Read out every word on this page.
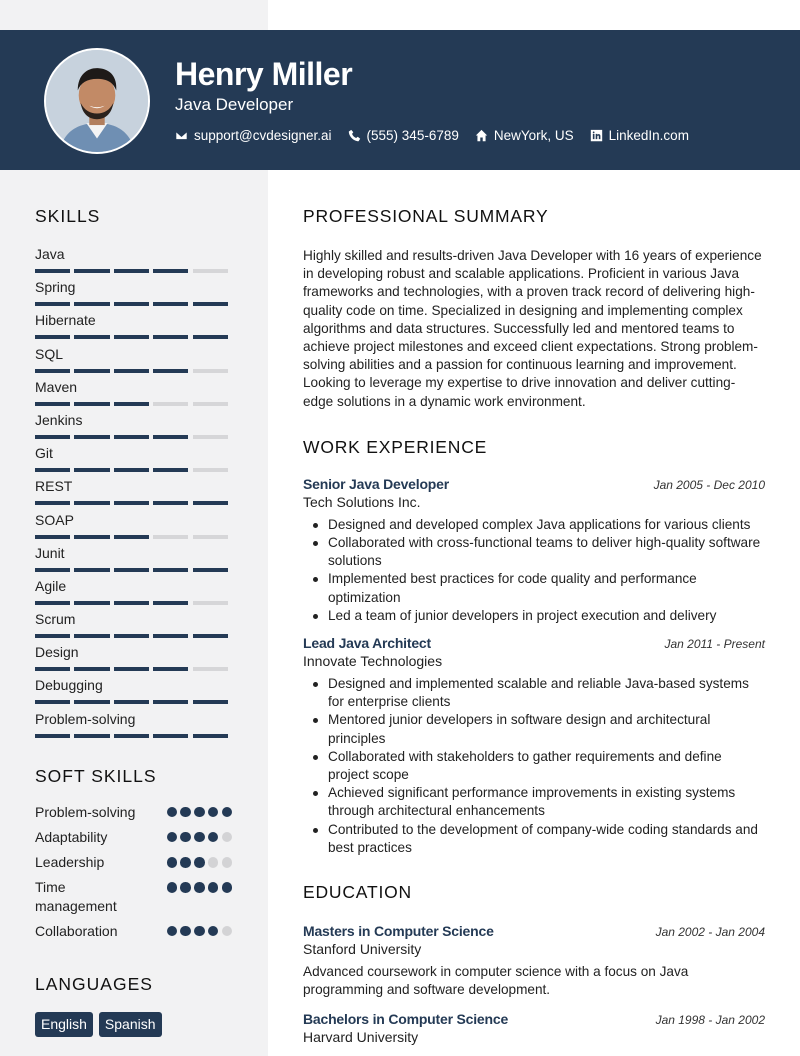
Henry Miller
Java Developer
support@cvdesigner.ai	(555) 345-6789	NewYork, US	LinkedIn.com
SKILLS
Java
Spring
Hibernate
SQL
Maven
Jenkins
Git
REST
SOAP
Junit
Agile
Scrum
Design
Debugging
Problem-solving
SOFT SKILLS
Problem-solving
Adaptability
Leadership
Time management
Collaboration
LANGUAGES
English	Spanish
PROFESSIONAL SUMMARY

Highly skilled and results-driven Java Developer with 16 years of experience in developing robust and scalable applications. Proficient in various Java frameworks and technologies, with a proven track record of delivering high-quality code on time. Specialized in designing and implementing complex algorithms and data structures. Successfully led and mentored teams to achieve project milestones and exceed client expectations. Strong problem-solving abilities and a passion for continuous learning and improvement. Looking to leverage my expertise to drive innovation and deliver cutting-edge solutions in a dynamic work environment.

WORK EXPERIENCE
Senior Java Developer	Jan 2005 - Dec 2010
Tech Solutions Inc.
Designed and developed complex Java applications for various clients
Collaborated with cross-functional teams to deliver high-quality software solutions
Implemented best practices for code quality and performance optimization
Led a team of junior developers in project execution and delivery
Lead Java Architect	Jan 2011 - Present
Innovate Technologies
Designed and implemented scalable and reliable Java-based systems for enterprise clients
Mentored junior developers in software design and architectural principles
Collaborated with stakeholders to gather requirements and define project scope
Achieved significant performance improvements in existing systems through architectural enhancements
Contributed to the development of company-wide coding standards and best practices
EDUCATION
Masters in Computer Science	Jan 2002 - Jan 2004
Stanford University

Advanced coursework in computer science with a focus on Java programming and software development.

Bachelors in Computer Science	Jan 1998 - Jan 2002
Harvard University
